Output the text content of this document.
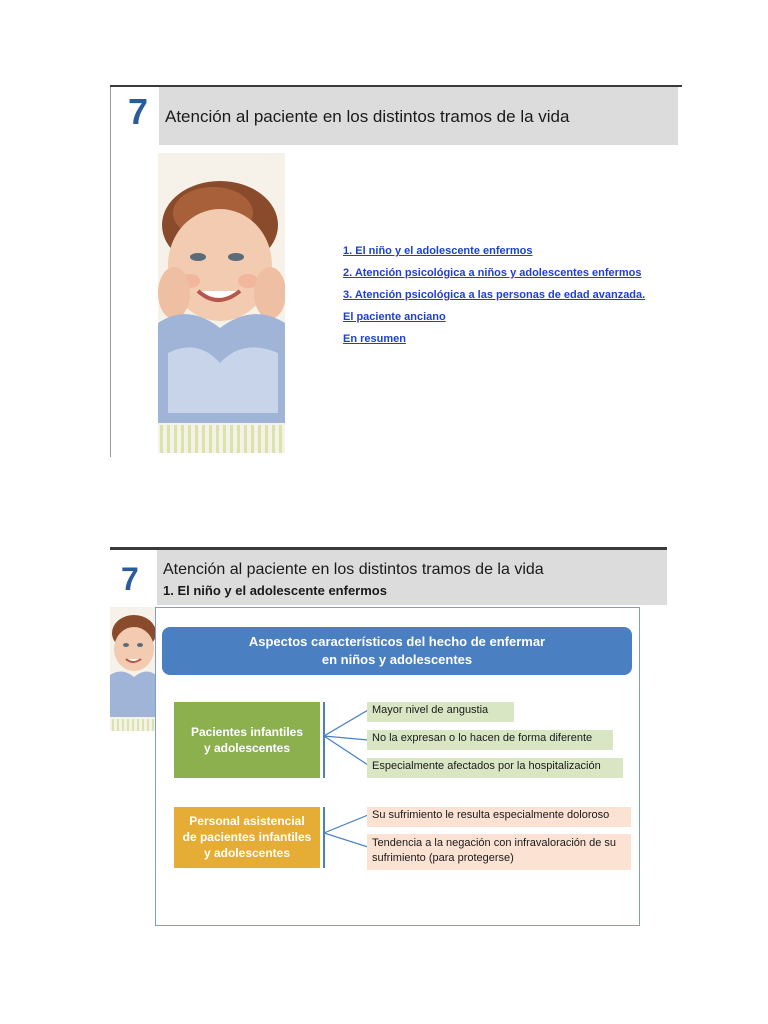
7 Atención al paciente en los distintos tramos de la vida
1. El niño y el adolescente enfermos
2. Atención psicológica a niños y adolescentes enfermos
3. Atención psicológica a las personas de edad avanzada.
El paciente anciano
En resumen
7 Atención al paciente en los distintos tramos de la vida
1. El niño y el adolescente enfermos
Aspectos característicos del hecho de enfermar
en niños y adolescentes
Pacientes infantiles
y adolescentes
Mayor nivel de angustia
No la expresan o lo hacen de forma diferente
Especialmente afectados por la hospitalización
Personal asistencial
de pacientes infantiles
y adolescentes
Su sufrimiento le resulta especialmente doloroso
Tendencia a la negación con infravaloración de su
sufrimiento (para protegerse)
